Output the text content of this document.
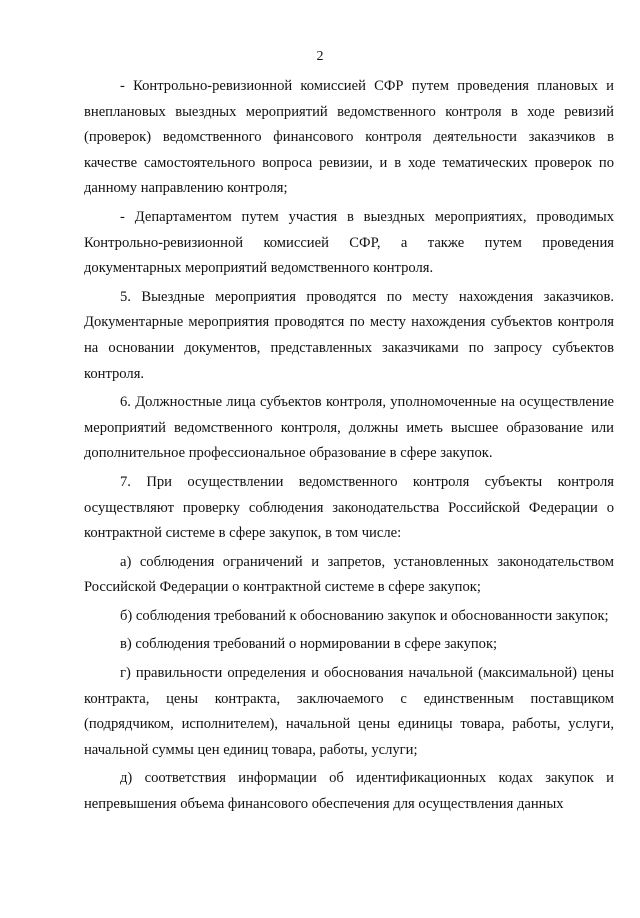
2

- Контрольно-ревизионной комиссией СФР путем проведения плановых и внеплановых выездных мероприятий ведомственного контроля в ходе ревизий (проверок) ведомственного финансового контроля деятельности заказчиков в качестве самостоятельного вопроса ревизии, и в ходе тематических проверок по данному направлению контроля;

- Департаментом путем участия в выездных мероприятиях, проводимых Контрольно-ревизионной комиссией СФР, а также путем проведения документарных мероприятий ведомственного контроля.

5. Выездные мероприятия проводятся по месту нахождения заказчиков. Документарные мероприятия проводятся по месту нахождения субъектов контроля на основании документов, представленных заказчиками по запросу субъектов контроля.

6. Должностные лица субъектов контроля, уполномоченные на осуществление мероприятий ведомственного контроля, должны иметь высшее образование или дополнительное профессиональное образование в сфере закупок.

7. При осуществлении ведомственного контроля субъекты контроля осуществляют проверку соблюдения законодательства Российской Федерации о контрактной системе в сфере закупок, в том числе:

а) соблюдения ограничений и запретов, установленных законодательством Российской Федерации о контрактной системе в сфере закупок;

б) соблюдения требований к обоснованию закупок и обоснованности закупок;

в) соблюдения требований о нормировании в сфере закупок;

г) правильности определения и обоснования начальной (максимальной) цены контракта, цены контракта, заключаемого с единственным поставщиком (подрядчиком, исполнителем), начальной цены единицы товара, работы, услуги, начальной суммы цен единиц товара, работы, услуги;

д) соответствия информации об идентификационных кодах закупок и непревышения объема финансового обеспечения для осуществления данных
